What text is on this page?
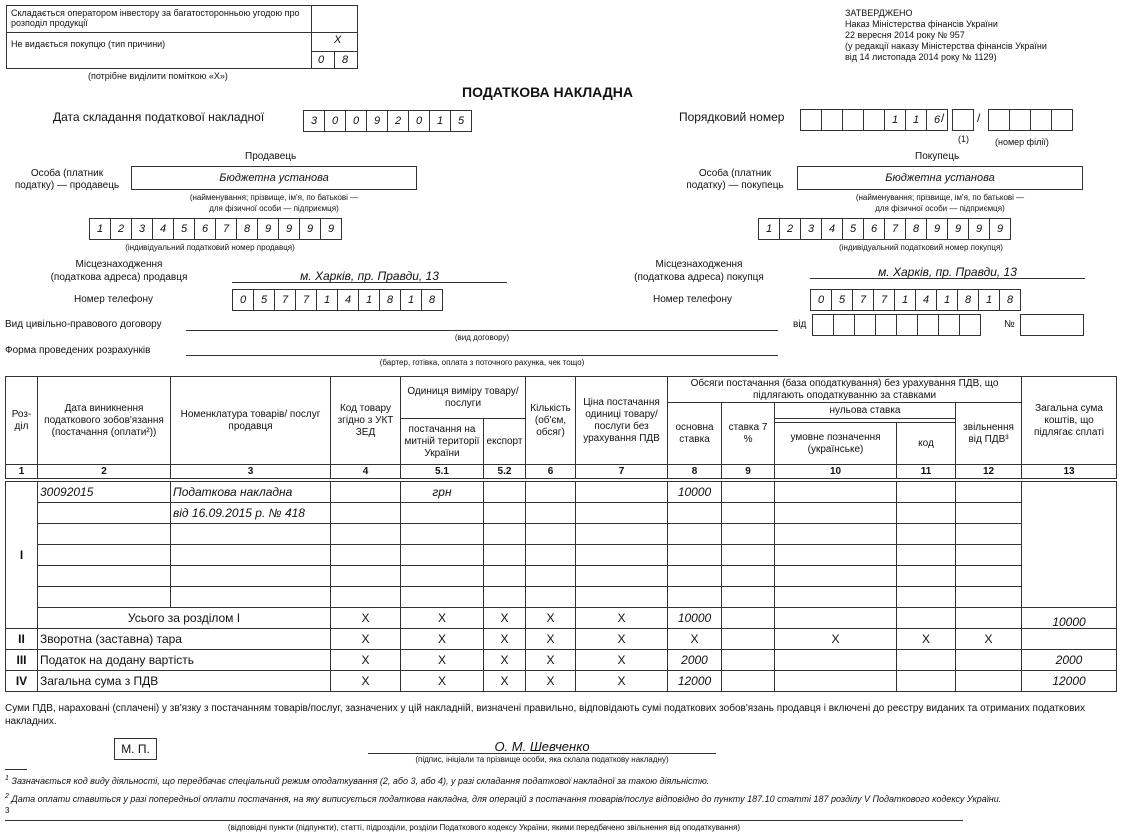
Складається оператором інвестору за багатосторонньою угодою про розподіл продукції
Не видається покупцю (тип причини)	X
0 8
(потрібне виділити поміткою «Х»)
ЗАТВЕРДЖЕНО
Наказ Міністерства фінансів України
22 вересня 2014 року № 957
(у редакції наказу Міністерства фінансів України
від 14 листопада 2014 року № 1129)
ПОДАТКОВА НАКЛАДНА
Дата складання податкової накладної	3	0	0	9	2	0	1	5	Порядковий номер	1	1	6 /	/
(1)	(номер філії)
Продавець
Особа (платник
податку) — продавець
Бюджетна установа
(найменування; прізвище, ім'я, по батькові —
для фізичної особи — підприємця)
1	2	3	4	5	6	7	8	9	9	9	9
(індивідуальний податковий номер продавця)
Місцезнаходження
(податкова адреса) продавця	м. Харків, пр. Правди, 13
Номер телефону	0	5	7	7	1	4	1	8	1	8
Покупець
Особа (платник
податку) — покупець
Бюджетна установа
(найменування; прізвище, ім'я, по батькові —
для фізичної особи — підприємця)
1	2	3	4	5	6	7	8	9	9	9	9
(індивідуальний податковий номер покупця)
Місцезнаходження
(податкова адреса) покупця	м. Харків, пр. Правди, 13
Номер телефону	0	5	7	7	1	4	1	8	1	8
Вид цивільно-правового договору
(вид договору)
від	№
Форма проведених розрахунків
(бартер, готівка, оплата з поточного рахунка, чек тощо)
Роз-діл	Дата виникнення податкового зобов'язання (постачання (оплати²))	Номенклатура товарів/ послуг продавця	Код товару згідно з УКТ ЗЕД	Одиниця виміру товару/послуги		Кількість (об'єм, обсяг)	Ціна постачання одиниці товару/ послуги без урахування ПДВ	Обсяги постачання (база оподаткування) без урахування ПДВ, що підлягають оподаткуванню за ставками					Загальна сума коштів, що підлягає сплаті
								основна ставка	ставка 7 %	нульова ставка		звільнення від ПДВ³	
				постачання на митній території України	експорт								
										умовне позначення (українське)	код		
1	2	3	4	5.1	5.2	6	7	8	9	10	11	12	13
I	30092015	Податкова накладна		грн				10000					
		від 16.09.2015 р. № 418											

	Усього за розділом I		X	X	X	X	X	10000					10000
II	Зворотна (заставна) тара		X	X	X	X	X	X		X	X	X	
III	Податок на додану вартість		X	X	X	X	X	2000					2000
IV	Загальна сума з ПДВ		X	X	X	X	X	12000					12000
Суми ПДВ, нараховані (сплачені) у зв'язку з постачанням товарів/послуг, зазначених у цій накладній, визначені правильно, відповідають сумі податкових зобов'язань продавця і включені до реєстру виданих та отриманих податкових накладних.
М. П.	О. М. Шевченко
(підпис, ініціали та прізвище особи, яка склала податкову накладну)
$^1$ Зазначається код виду діяльності, що передбачає спеціальний режим оподаткування (2, або 3, або 4), у разі складання податкової накладної за такою діяльністю.
$^2$ Дата оплати ставиться у разі попередньої оплати постачання, на яку виписується податкова накладна, для операцій з постачання товарів/послуг відповідно до пункту 187.10 статті 187 розділу V Податкового кодексу України.
3
(відповідні пункти (підпункти), статті, підрозділи, розділи Податкового кодексу України, якими передбачено звільнення від оподаткування)
